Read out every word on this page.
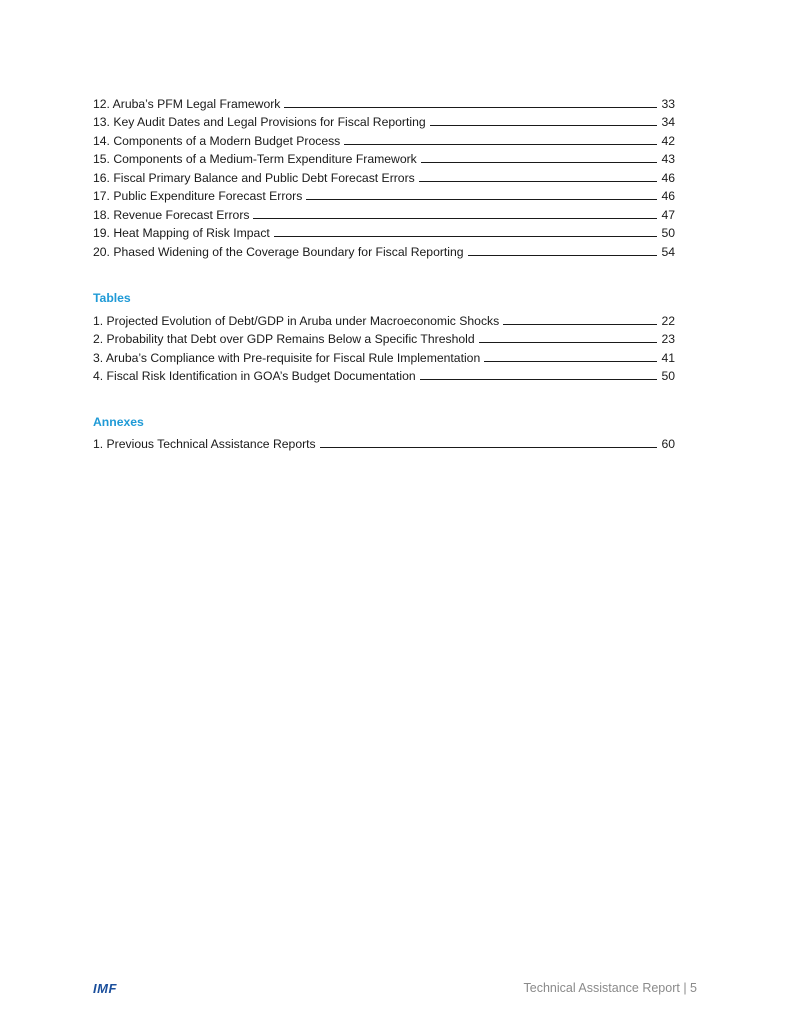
12. Aruba’s PFM Legal Framework	33
13. Key Audit Dates and Legal Provisions for Fiscal Reporting	34
14. Components of a Modern Budget Process	42
15. Components of a Medium-Term Expenditure Framework	43
16. Fiscal Primary Balance and Public Debt Forecast Errors	46
17. Public Expenditure Forecast Errors	46
18. Revenue Forecast Errors	47
19. Heat Mapping of Risk Impact	50
20. Phased Widening of the Coverage Boundary for Fiscal Reporting	54
Tables
1. Projected Evolution of Debt/GDP in Aruba under Macroeconomic Shocks	22
2. Probability that Debt over GDP Remains Below a Specific Threshold	23
3. Aruba’s Compliance with Pre-requisite for Fiscal Rule Implementation	41
4. Fiscal Risk Identification in GOA’s Budget Documentation	50
Annexes
1. Previous Technical Assistance Reports	60
IMF	Technical Assistance Report | 5
